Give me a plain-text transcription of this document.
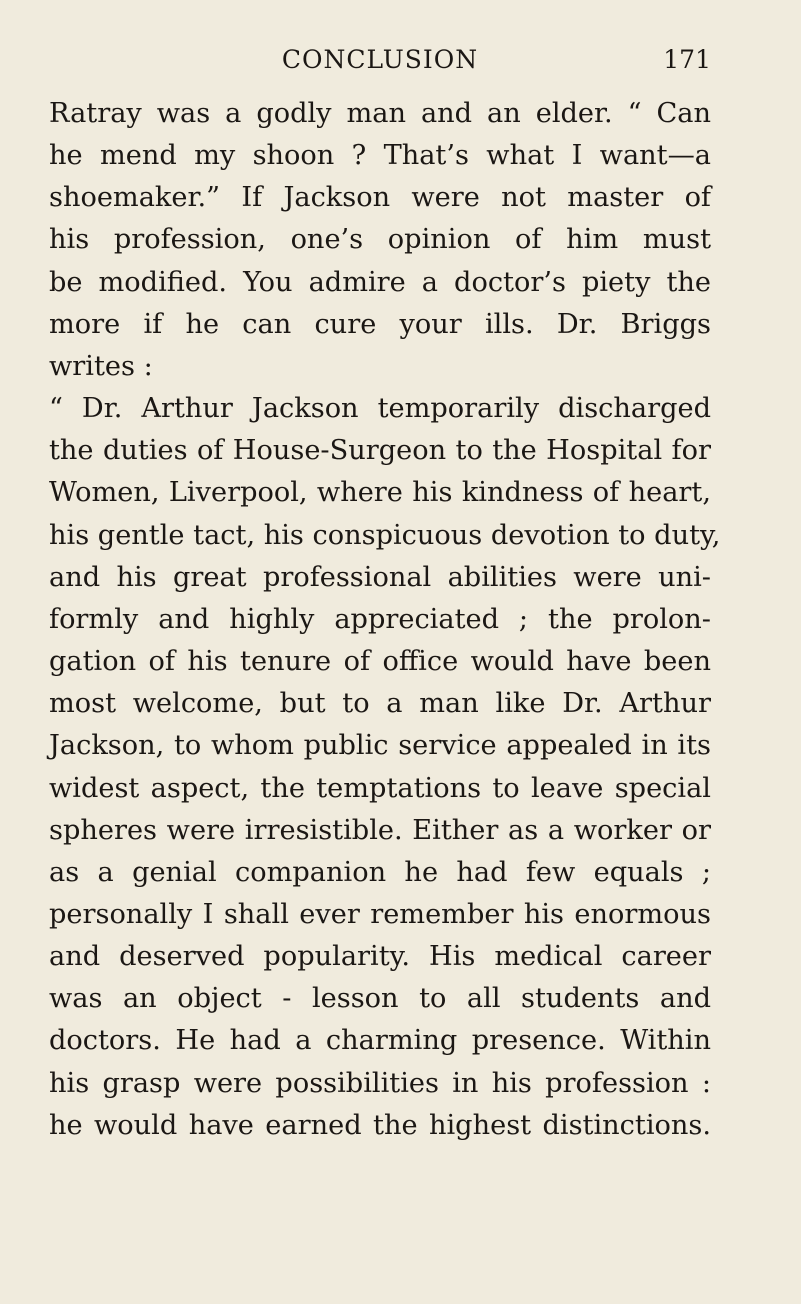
CONCLUSION	171
Ratray was a godly man and an elder. “ Can
he mend my shoon ? That’s what I want—a
shoemaker.” If Jackson were not master of
his profession, one’s opinion of him must
be modified. You admire a doctor’s piety the
more if he can cure your ills. Dr. Briggs
writes :
“ Dr. Arthur Jackson temporarily discharged
the duties of House-Surgeon to the Hospital for
Women, Liverpool, where his kindness of heart,
his gentle tact, his conspicuous devotion to duty,
and his great professional abilities were uni-
formly and highly appreciated ; the prolon-
gation of his tenure of office would have been
most welcome, but to a man like Dr. Arthur
Jackson, to whom public service appealed in its
widest aspect, the temptations to leave special
spheres were irresistible. Either as a worker or
as a genial companion he had few equals ;
personally I shall ever remember his enormous
and deserved popularity. His medical career
was an object - lesson to all students and
doctors. He had a charming presence. Within
his grasp were possibilities in his profession :
he would have earned the highest distinctions.
